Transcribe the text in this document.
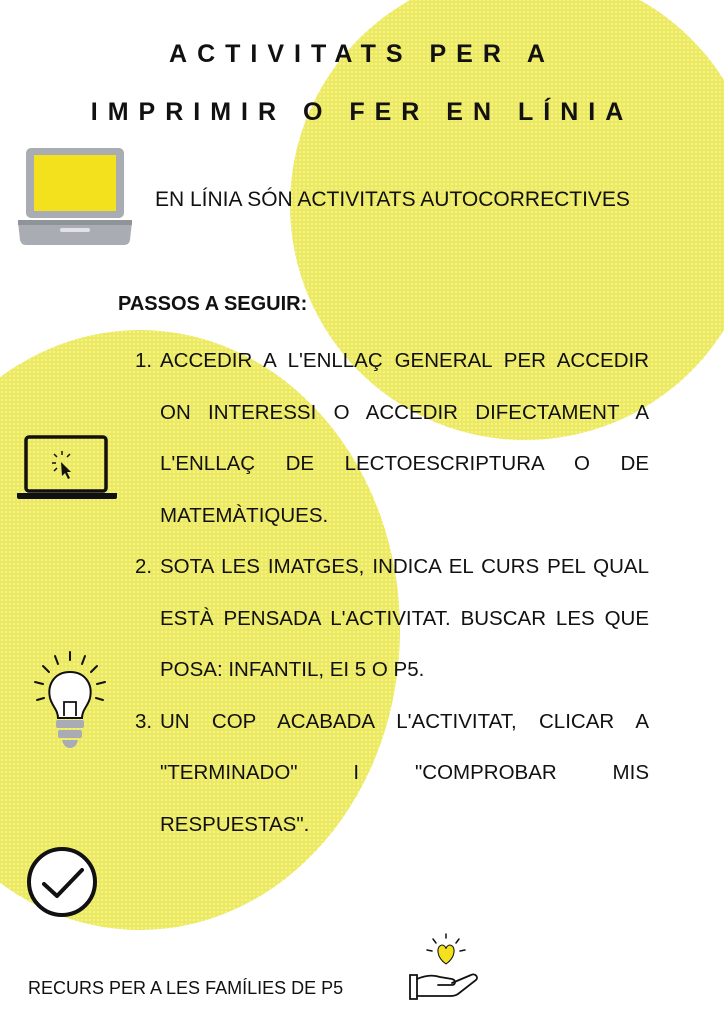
ACTIVITATS PER A
IMPRIMIR O FER EN LÍNIA
EN LÍNIA SÓN ACTIVITATS AUTOCORRECTIVES
PASSOS A SEGUIR:
1. ACCEDIR A L'ENLLAÇ GENERAL PER ACCEDIR ON INTERESSI O ACCEDIR DIFECTAMENT A L'ENLLAÇ DE LECTOESCRIPTURA O DE MATEMÀTIQUES.
2. SOTA LES IMATGES, INDICA EL CURS PEL QUAL ESTÀ PENSADA L'ACTIVITAT. BUSCAR LES QUE POSA: INFANTIL, EI 5 O P5.
3. UN COP ACABADA L'ACTIVITAT, CLICAR A "TERMINADO" I "COMPROBAR MIS RESPUESTAS".
RECURS PER A LES FAMÍLIES DE P5
